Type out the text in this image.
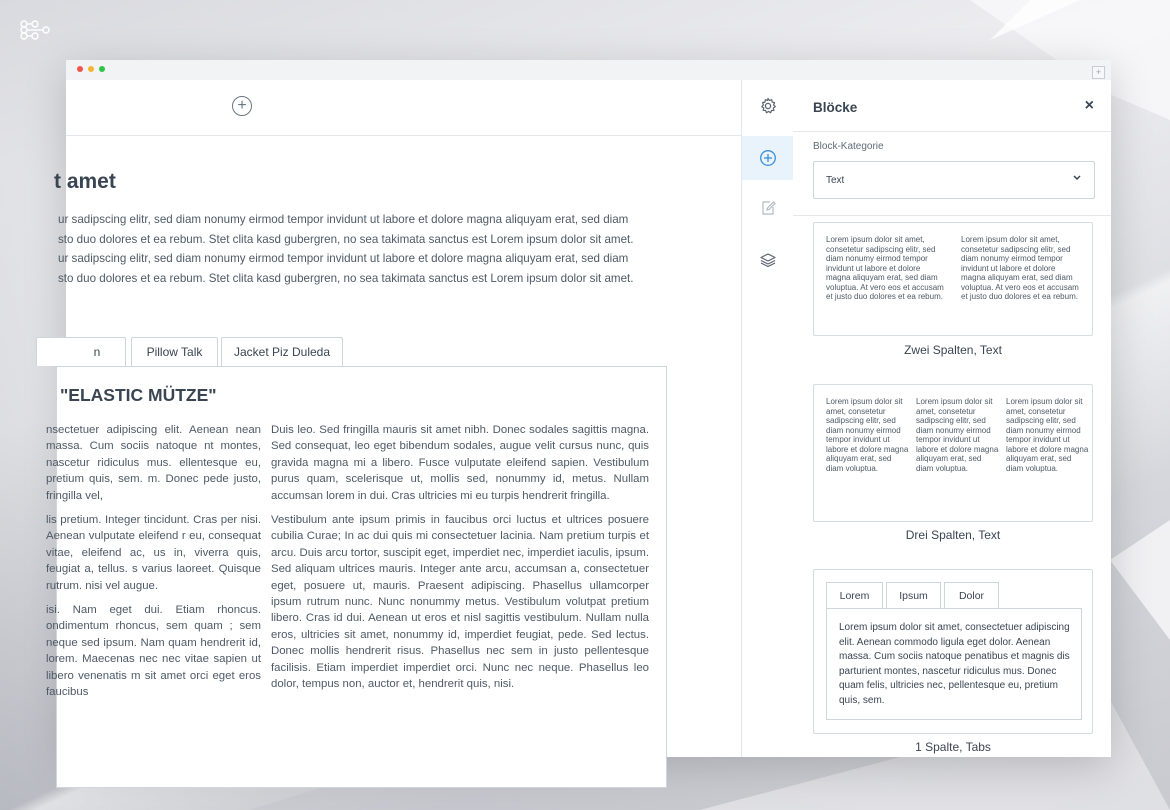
+
+
t amet
ur sadipscing elitr, sed diam nonumy eirmod tempor invidunt ut labore et dolore magna aliquyam erat, sed diam
sto duo dolores et ea rebum. Stet clita kasd gubergren, no sea takimata sanctus est Lorem ipsum dolor sit amet.
ur sadipscing elitr, sed diam nonumy eirmod tempor invidunt ut labore et dolore magna aliquyam erat, sed diam
sto duo dolores et ea rebum. Stet clita kasd gubergren, no sea takimata sanctus est Lorem ipsum dolor sit amet.
n	Pillow Talk	Jacket Piz Duleda
"ELASTIC MÜTZE"

nsectetuer adipiscing elit. Aenean nean massa. Cum sociis natoque nt montes, nascetur ridiculus mus. ellentesque eu, pretium quis, sem. m. Donec pede justo, fringilla vel,

lis pretium. Integer tincidunt. Cras per nisi. Aenean vulputate eleifend r eu, consequat vitae, eleifend ac, us in, viverra quis, feugiat a, tellus. s varius laoreet. Quisque rutrum. nisi vel augue.

isi. Nam eget dui. Etiam rhoncus. ondimentum rhoncus, sem quam ; sem neque sed ipsum. Nam quam hendrerit id, lorem. Maecenas nec nec vitae sapien ut libero venenatis m sit amet orci eget eros faucibus

Duis leo. Sed fringilla mauris sit amet nibh. Donec sodales sagittis magna. Sed consequat, leo eget bibendum sodales, augue velit cursus nunc, quis gravida magna mi a libero. Fusce vulputate eleifend sapien. Vestibulum purus quam, scelerisque ut, mollis sed, nonummy id, metus. Nullam accumsan lorem in dui. Cras ultricies mi eu turpis hendrerit fringilla.

Vestibulum ante ipsum primis in faucibus orci luctus et ultrices posuere cubilia Curae; In ac dui quis mi consectetuer lacinia. Nam pretium turpis et arcu. Duis arcu tortor, suscipit eget, imperdiet nec, imperdiet iaculis, ipsum. Sed aliquam ultrices mauris. Integer ante arcu, accumsan a, consectetuer eget, posuere ut, mauris. Praesent adipiscing. Phasellus ullamcorper ipsum rutrum nunc. Nunc nonummy metus. Vestibulum volutpat pretium libero. Cras id dui. Aenean ut eros et nisl sagittis vestibulum. Nullam nulla eros, ultricies sit amet, nonummy id, imperdiet feugiat, pede. Sed lectus. Donec mollis hendrerit risus. Phasellus nec sem in justo pellentesque facilisis. Etiam imperdiet imperdiet orci. Nunc nec neque. Phasellus leo dolor, tempus non, auctor et, hendrerit quis, nisi.

Blöcke	×
Block-Kategorie
Text
Lorem ipsum dolor sit amet, consetetur sadipscing elitr, sed diam nonumy eirmod tempor invidunt ut labore et dolore magna aliquyam erat, sed diam voluptua. At vero eos et accusam et justo duo dolores et ea rebum.
Lorem ipsum dolor sit amet, consetetur sadipscing elitr, sed diam nonumy eirmod tempor invidunt ut labore et dolore magna aliquyam erat, sed diam voluptua. At vero eos et accusam et justo duo dolores et ea rebum.
Zwei Spalten, Text
Lorem ipsum dolor sit amet, consetetur sadipscing elitr, sed diam nonumy eirmod tempor invidunt ut labore et dolore magna aliquyam erat, sed diam voluptua.
Lorem ipsum dolor sit amet, consetetur sadipscing elitr, sed diam nonumy eirmod tempor invidunt ut labore et dolore magna aliquyam erat, sed diam voluptua.
Lorem ipsum dolor sit amet, consetetur sadipscing elitr, sed diam nonumy eirmod tempor invidunt ut labore et dolore magna aliquyam erat, sed diam voluptua.
Drei Spalten, Text
Lorem	Ipsum	Dolor
Lorem ipsum dolor sit amet, consectetuer adipiscing elit. Aenean commodo ligula eget dolor. Aenean massa. Cum sociis natoque penatibus et magnis dis parturient montes, nascetur ridiculus mus. Donec quam felis, ultricies nec, pellentesque eu, pretium quis, sem.
1 Spalte, Tabs
